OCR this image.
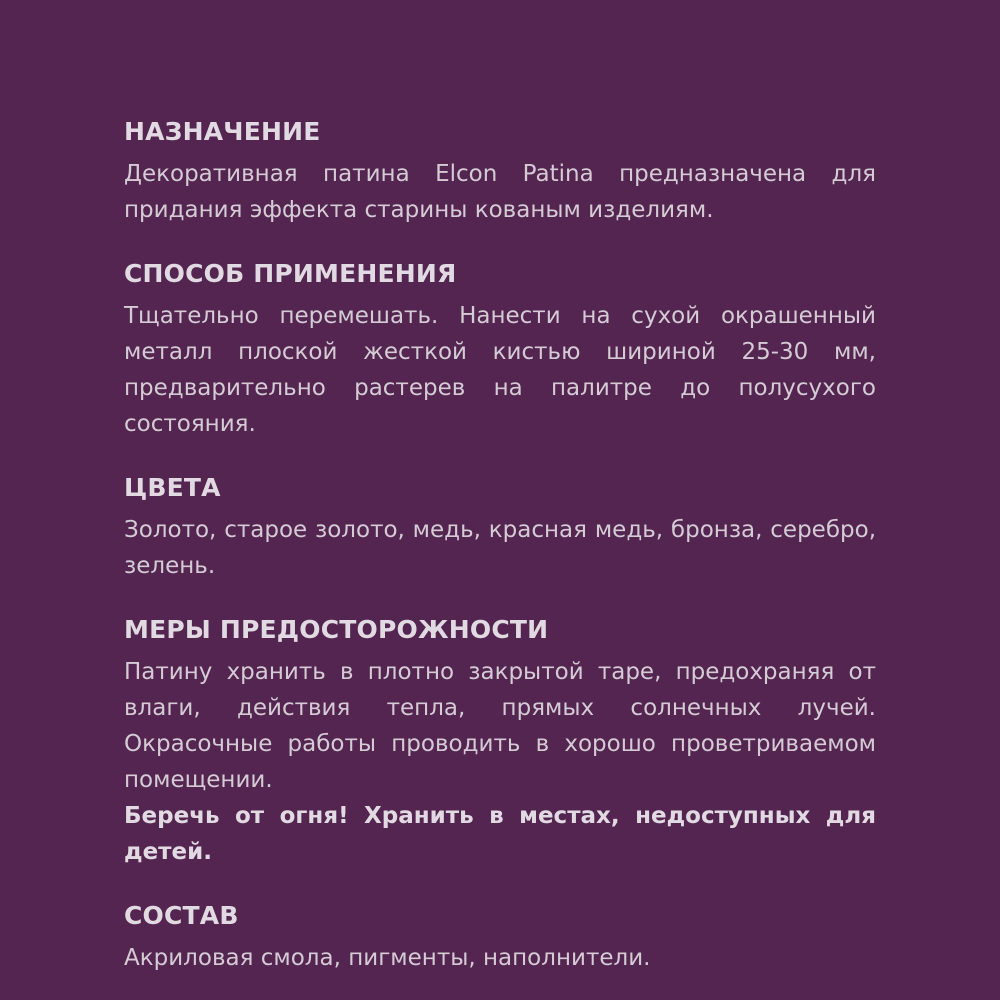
НАЗНАЧЕНИЕ

Декоративная патина Elcon Patina предназначена для придания эффекта старины кованым изделиям.

СПОСОБ ПРИМЕНЕНИЯ

Тщательно перемешать. Нанести на сухой окрашенный металл плоской жесткой кистью шириной 25-30 мм, предварительно растерев на палитре до полусухого состояния.

ЦВЕТА

Золото, старое золото, медь, красная медь, бронза, серебро, зелень.

МЕРЫ ПРЕДОСТОРОЖНОСТИ

Патину хранить в плотно закрытой таре, предохраняя от влаги, действия тепла, прямых солнечных лучей. Окрасочные работы проводить в хорошо проветриваемом помещении.

Беречь от огня! Хранить в местах, недоступных для детей.

СОСТАВ

Акриловая смола, пигменты, наполнители.
